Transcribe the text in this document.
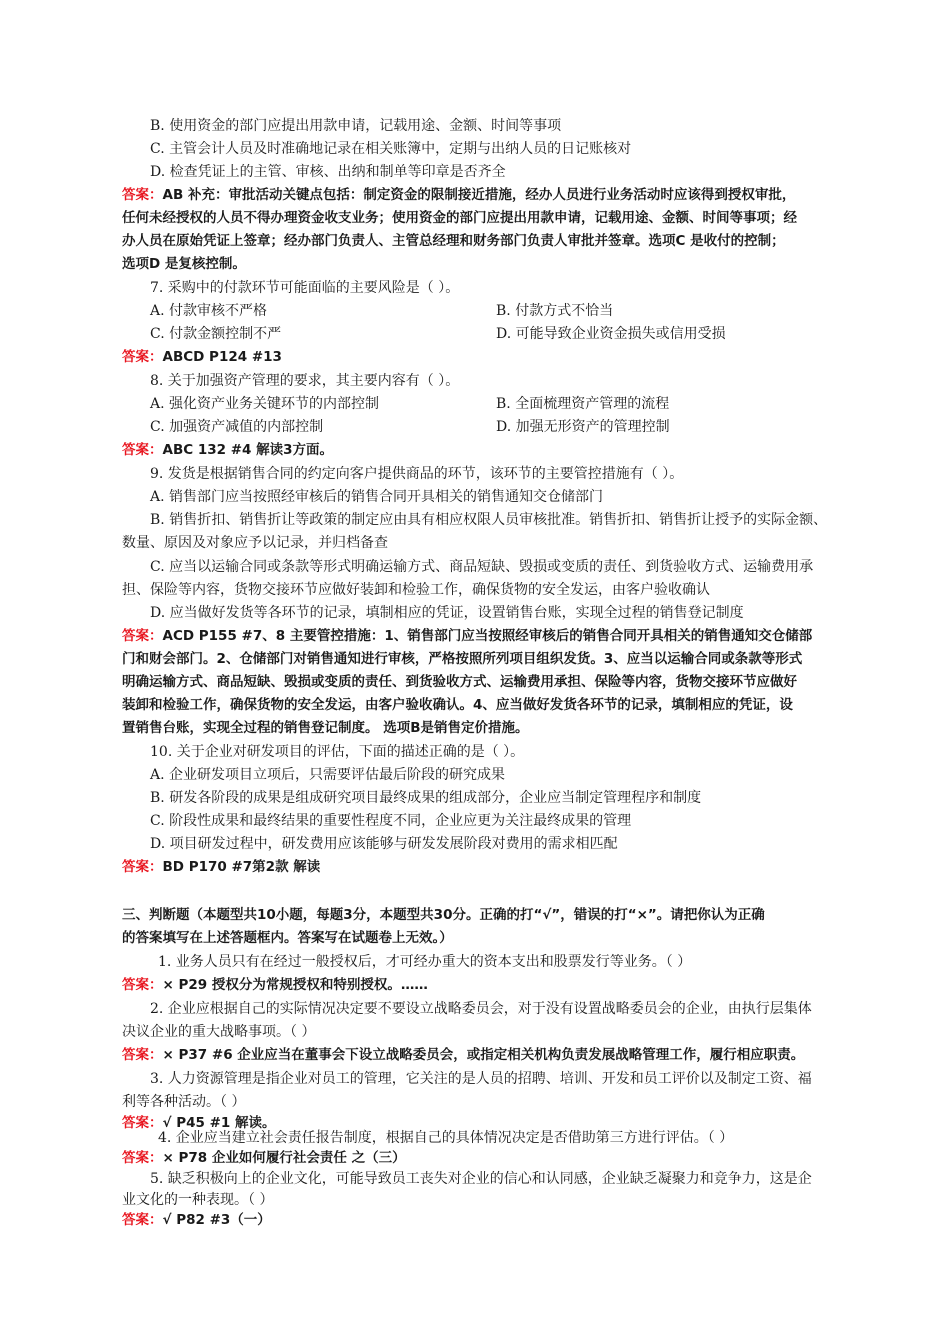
B. 使用资金的部门应提出用款申请，记载用途、金额、时间等事项
C. 主管会计人员及时准确地记录在相关账簿中，定期与出纳人员的日记账核对
D. 检查凭证上的主管、审核、出纳和制单等印章是否齐全
答案：AB 补充：审批活动关键点包括：制定资金的限制接近措施，经办人员进行业务活动时应该得到授权审批，
任何未经授权的人员不得办理资金收支业务；使用资金的部门应提出用款申请，记载用途、金额、时间等事项；经
办人员在原始凭证上签章；经办部门负责人、主管总经理和财务部门负责人审批并签章。选项C 是收付的控制；
选项D 是复核控制。
7. 采购中的付款环节可能面临的主要风险是（ ）。
A. 付款审核不严格	B. 付款方式不恰当
C. 付款金额控制不严	D. 可能导致企业资金损失或信用受损
答案：ABCD P124 #13
8. 关于加强资产管理的要求，其主要内容有（ ）。
A. 强化资产业务关键环节的内部控制	B. 全面梳理资产管理的流程
C. 加强资产减值的内部控制	D. 加强无形资产的管理控制
答案：ABC 132 #4 解读3方面。
9. 发货是根据销售合同的约定向客户提供商品的环节，该环节的主要管控措施有（ ）。
A. 销售部门应当按照经审核后的销售合同开具相关的销售通知交仓储部门
B. 销售折扣、销售折让等政策的制定应由具有相应权限人员审核批准。销售折扣、销售折让授予的实际金额、
数量、原因及对象应予以记录，并归档备查
C. 应当以运输合同或条款等形式明确运输方式、商品短缺、毁损或变质的责任、到货验收方式、运输费用承
担、保险等内容，货物交接环节应做好装卸和检验工作，确保货物的安全发运，由客户验收确认
D. 应当做好发货等各环节的记录，填制相应的凭证，设置销售台账，实现全过程的销售登记制度
答案：ACD P155 #7、8 主要管控措施：1、销售部门应当按照经审核后的销售合同开具相关的销售通知交仓储部
门和财会部门。2、仓储部门对销售通知进行审核，严格按照所列项目组织发货。3、应当以运输合同或条款等形式
明确运输方式、商品短缺、毁损或变质的责任、到货验收方式、运输费用承担、保险等内容，货物交接环节应做好
装卸和检验工作，确保货物的安全发运，由客户验收确认。4、应当做好发货各环节的记录，填制相应的凭证，设
置销售台账，实现全过程的销售登记制度。 选项B是销售定价措施。
10. 关于企业对研发项目的评估，下面的描述正确的是（ ）。
A. 企业研发项目立项后，只需要评估最后阶段的研究成果
B. 研发各阶段的成果是组成研究项目最终成果的组成部分，企业应当制定管理程序和制度
C. 阶段性成果和最终结果的重要性程度不同，企业应更为关注最终成果的管理
D. 项目研发过程中，研发费用应该能够与研发发展阶段对费用的需求相匹配
答案：BD P170 #7第2款 解读
三、判断题（本题型共10小题，每题3分，本题型共30分。正确的打“√”，错误的打“×”。请把你认为正确
的答案填写在上述答题框内。答案写在试题卷上无效。）
1. 业务人员只有在经过一般授权后，才可经办重大的资本支出和股票发行等业务。（ ）
答案：× P29 授权分为常规授权和特别授权。……
2. 企业应根据自己的实际情况决定要不要设立战略委员会，对于没有设置战略委员会的企业，由执行层集体
决议企业的重大战略事项。（ ）
答案：× P37 #6 企业应当在董事会下设立战略委员会，或指定相关机构负责发展战略管理工作，履行相应职责。
3. 人力资源管理是指企业对员工的管理，它关注的是人员的招聘、培训、开发和员工评价以及制定工资、福
利等各种活动。（ ）
答案：√ P45 #1 解读。
4. 企业应当建立社会责任报告制度，根据自己的具体情况决定是否借助第三方进行评估。（ ）
答案：× P78 企业如何履行社会责任 之（三）
5. 缺乏积极向上的企业文化，可能导致员工丧失对企业的信心和认同感，企业缺乏凝聚力和竞争力，这是企
业文化的一种表现。（ ）
答案：√ P82 #3（一）
